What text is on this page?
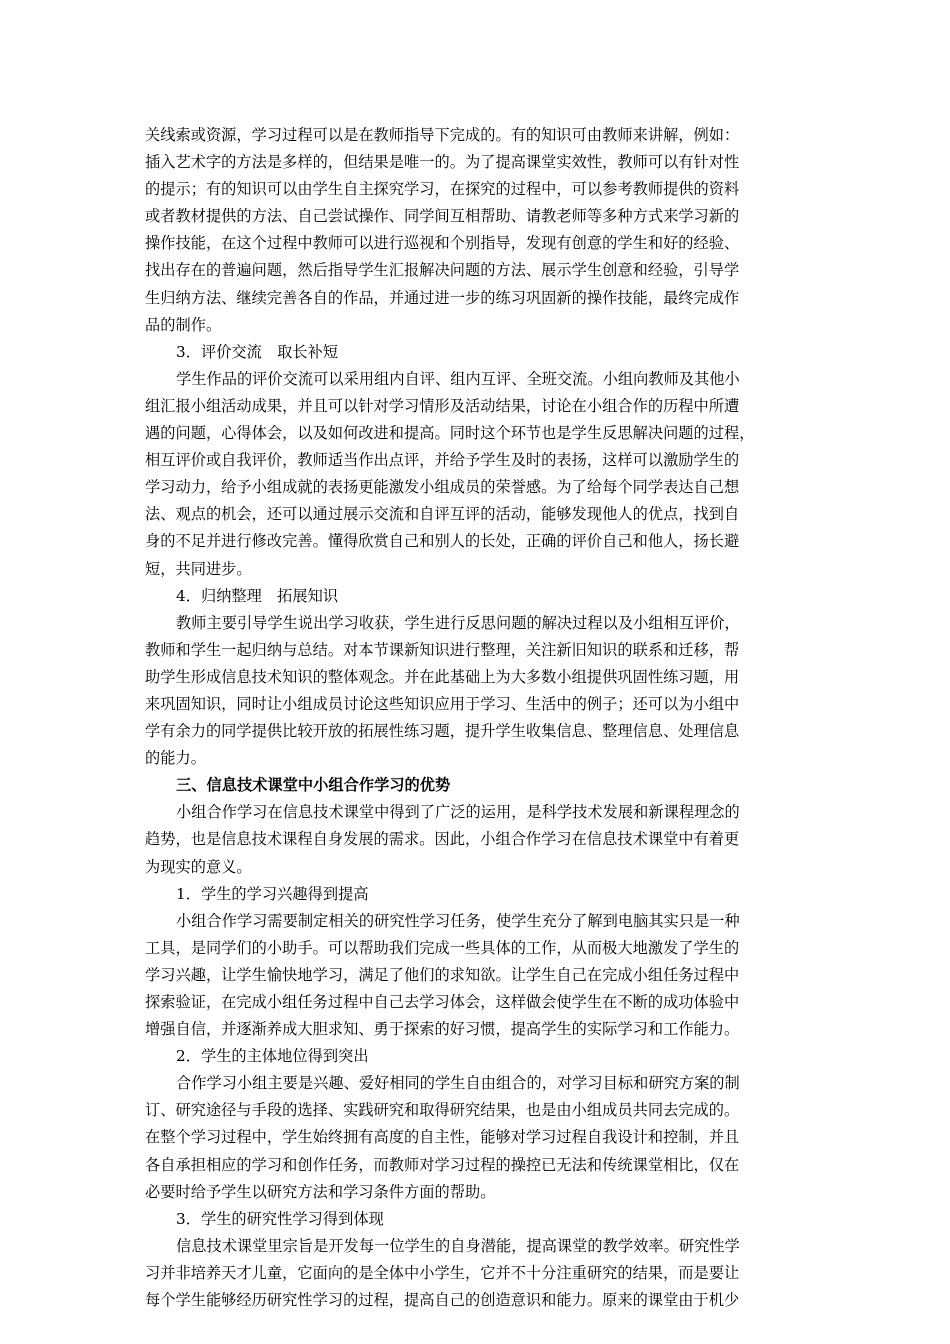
关线索或资源，学习过程可以是在教师指导下完成的。有的知识可由教师来讲解，例如：
插入艺术字的方法是多样的，但结果是唯一的。为了提高课堂实效性，教师可以有针对性
的提示；有的知识可以由学生自主探究学习，在探究的过程中，可以参考教师提供的资料
或者教材提供的方法、自己尝试操作、同学间互相帮助、请教老师等多种方式来学习新的
操作技能，在这个过程中教师可以进行巡视和个别指导，发现有创意的学生和好的经验、
找出存在的普遍问题，然后指导学生汇报解决问题的方法、展示学生创意和经验，引导学
生归纳方法、继续完善各自的作品，并通过进一步的练习巩固新的操作技能，最终完成作
品的制作。
3．评价交流　取长补短
学生作品的评价交流可以采用组内自评、组内互评、全班交流。小组向教师及其他小
组汇报小组活动成果，并且可以针对学习情形及活动结果，讨论在小组合作的历程中所遭
遇的问题，心得体会，以及如何改进和提高。同时这个环节也是学生反思解决问题的过程，
相互评价或自我评价，教师适当作出点评，并给予学生及时的表扬，这样可以激励学生的
学习动力，给予小组成就的表扬更能激发小组成员的荣誉感。为了给每个同学表达自己想
法、观点的机会，还可以通过展示交流和自评互评的活动，能够发现他人的优点，找到自
身的不足并进行修改完善。懂得欣赏自己和别人的长处，正确的评价自己和他人，扬长避
短，共同进步。
4．归纳整理　拓展知识
教师主要引导学生说出学习收获，学生进行反思问题的解决过程以及小组相互评价，
教师和学生一起归纳与总结。对本节课新知识进行整理，关注新旧知识的联系和迁移，帮
助学生形成信息技术知识的整体观念。并在此基础上为大多数小组提供巩固性练习题，用
来巩固知识，同时让小组成员讨论这些知识应用于学习、生活中的例子；还可以为小组中
学有余力的同学提供比较开放的拓展性练习题，提升学生收集信息、整理信息、处理信息
的能力。
三、信息技术课堂中小组合作学习的优势
小组合作学习在信息技术课堂中得到了广泛的运用，是科学技术发展和新课程理念的
趋势，也是信息技术课程自身发展的需求。因此，小组合作学习在信息技术课堂中有着更
为现实的意义。
1．学生的学习兴趣得到提高
小组合作学习需要制定相关的研究性学习任务，使学生充分了解到电脑其实只是一种
工具，是同学们的小助手。可以帮助我们完成一些具体的工作，从而极大地激发了学生的
学习兴趣，让学生愉快地学习，满足了他们的求知欲。让学生自己在完成小组任务过程中
探索验证，在完成小组任务过程中自己去学习体会，这样做会使学生在不断的成功体验中
增强自信，并逐渐养成大胆求知、勇于探索的好习惯，提高学生的实际学习和工作能力。
2．学生的主体地位得到突出
合作学习小组主要是兴趣、爱好相同的学生自由组合的，对学习目标和研究方案的制
订、研究途径与手段的选择、实践研究和取得研究结果，也是由小组成员共同去完成的。
在整个学习过程中，学生始终拥有高度的自主性，能够对学习过程自我设计和控制，并且
各自承担相应的学习和创作任务，而教师对学习过程的操控已无法和传统课堂相比，仅在
必要时给予学生以研究方法和学习条件方面的帮助。
3．学生的研究性学习得到体现
信息技术课堂里宗旨是开发每一位学生的自身潜能，提高课堂的教学效率。研究性学
习并非培养天才儿童，它面向的是全体中小学生，它并不十分注重研究的结果，而是要让
每个学生能够经历研究性学习的过程，提高自己的创造意识和能力。原来的课堂由于机少
